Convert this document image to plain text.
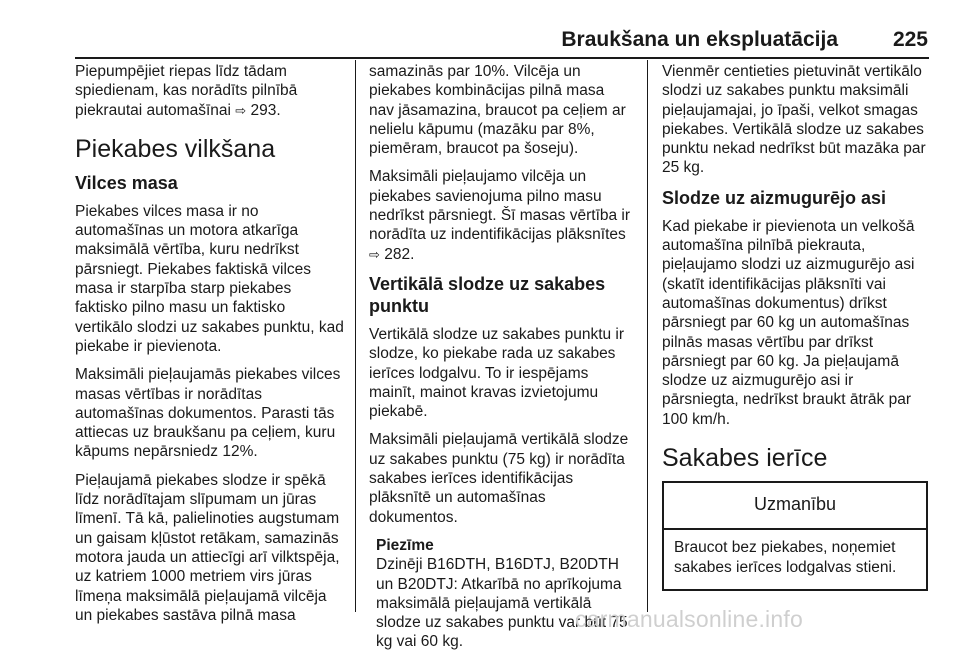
Braukšana un ekspluatācija	225

Piepumpējiet riepas līdz tādam spiedienam, kas norādīts pilnībā piekrautai automašīnai ⇨ 293.

Piekabes vilkšana
Vilces masa

Piekabes vilces masa ir no automašīnas un motora atkarīga maksimālā vērtība, kuru nedrīkst pārsniegt. Piekabes faktiskā vilces masa ir starpība starp piekabes faktisko pilno masu un faktisko vertikālo slodzi uz sakabes punktu, kad piekabe ir pievienota.

Maksimāli pieļaujamās piekabes vilces masas vērtības ir norādītas automašīnas dokumentos. Parasti tās attiecas uz braukšanu pa ceļiem, kuru kāpums nepārsniedz 12%.

Pieļaujamā piekabes slodze ir spēkā līdz norādītajam slīpumam un jūras līmenī. Tā kā, palielinoties augstumam un gaisam kļūstot retākam, samazinās motora jauda un attiecīgi arī vilktspēja, uz katriem 1000 metriem virs jūras līmeņa maksimālā pieļaujamā vilcēja un piekabes sastāva pilnā masa

samazinās par 10%. Vilcēja un piekabes kombinācijas pilnā masa nav jāsamazina, braucot pa ceļiem ar nelielu kāpumu (mazāku par 8%, piemēram, braucot pa šoseju).

Maksimāli pieļaujamo vilcēja un piekabes savienojuma pilno masu nedrīkst pārsniegt. Šī masas vērtība ir norādīta uz indentifikācijas plāksnītes ⇨ 282.

Vertikālā slodze uz sakabes punktu

Vertikālā slodze uz sakabes punktu ir slodze, ko piekabe rada uz sakabes ierīces lodgalvu. To ir iespējams mainīt, mainot kravas izvietojumu piekabē.

Maksimāli pieļaujamā vertikālā slodze uz sakabes punktu (75 kg) ir norādīta sakabes ierīces identifikācijas plāksnītē un automašīnas dokumentos.

Piezīme
Dzinēji B16DTH, B16DTJ, B20DTH un B20DTJ: Atkarībā no aprīkojuma maksimālā pieļaujamā vertikālā slodze uz sakabes punktu var būt 75 kg vai 60 kg.

Vienmēr centieties pietuvināt vertikālo slodzi uz sakabes punktu maksimāli pieļaujamajai, jo īpaši, velkot smagas piekabes. Vertikālā slodze uz sakabes punktu nekad nedrīkst būt mazāka par 25 kg.

Slodze uz aizmugurējo asi

Kad piekabe ir pievienota un velkošā automašīna pilnībā piekrauta, pieļaujamo slodzi uz aizmugurējo asi (skatīt identifikācijas plāksnīti vai automašīnas dokumentus) drīkst pārsniegt par 60 kg un automašīnas pilnās masas vērtību par drīkst pārsniegt par 60 kg. Ja pieļaujamā slodze uz aizmugurējo asi ir pārsniegta, nedrīkst braukt ātrāk par 100 km/h.

Sakabes ierīce
Uzmanību
Braucot bez piekabes, noņemiet sakabes ierīces lodgalvas stieni.
carmanualsonline.info
